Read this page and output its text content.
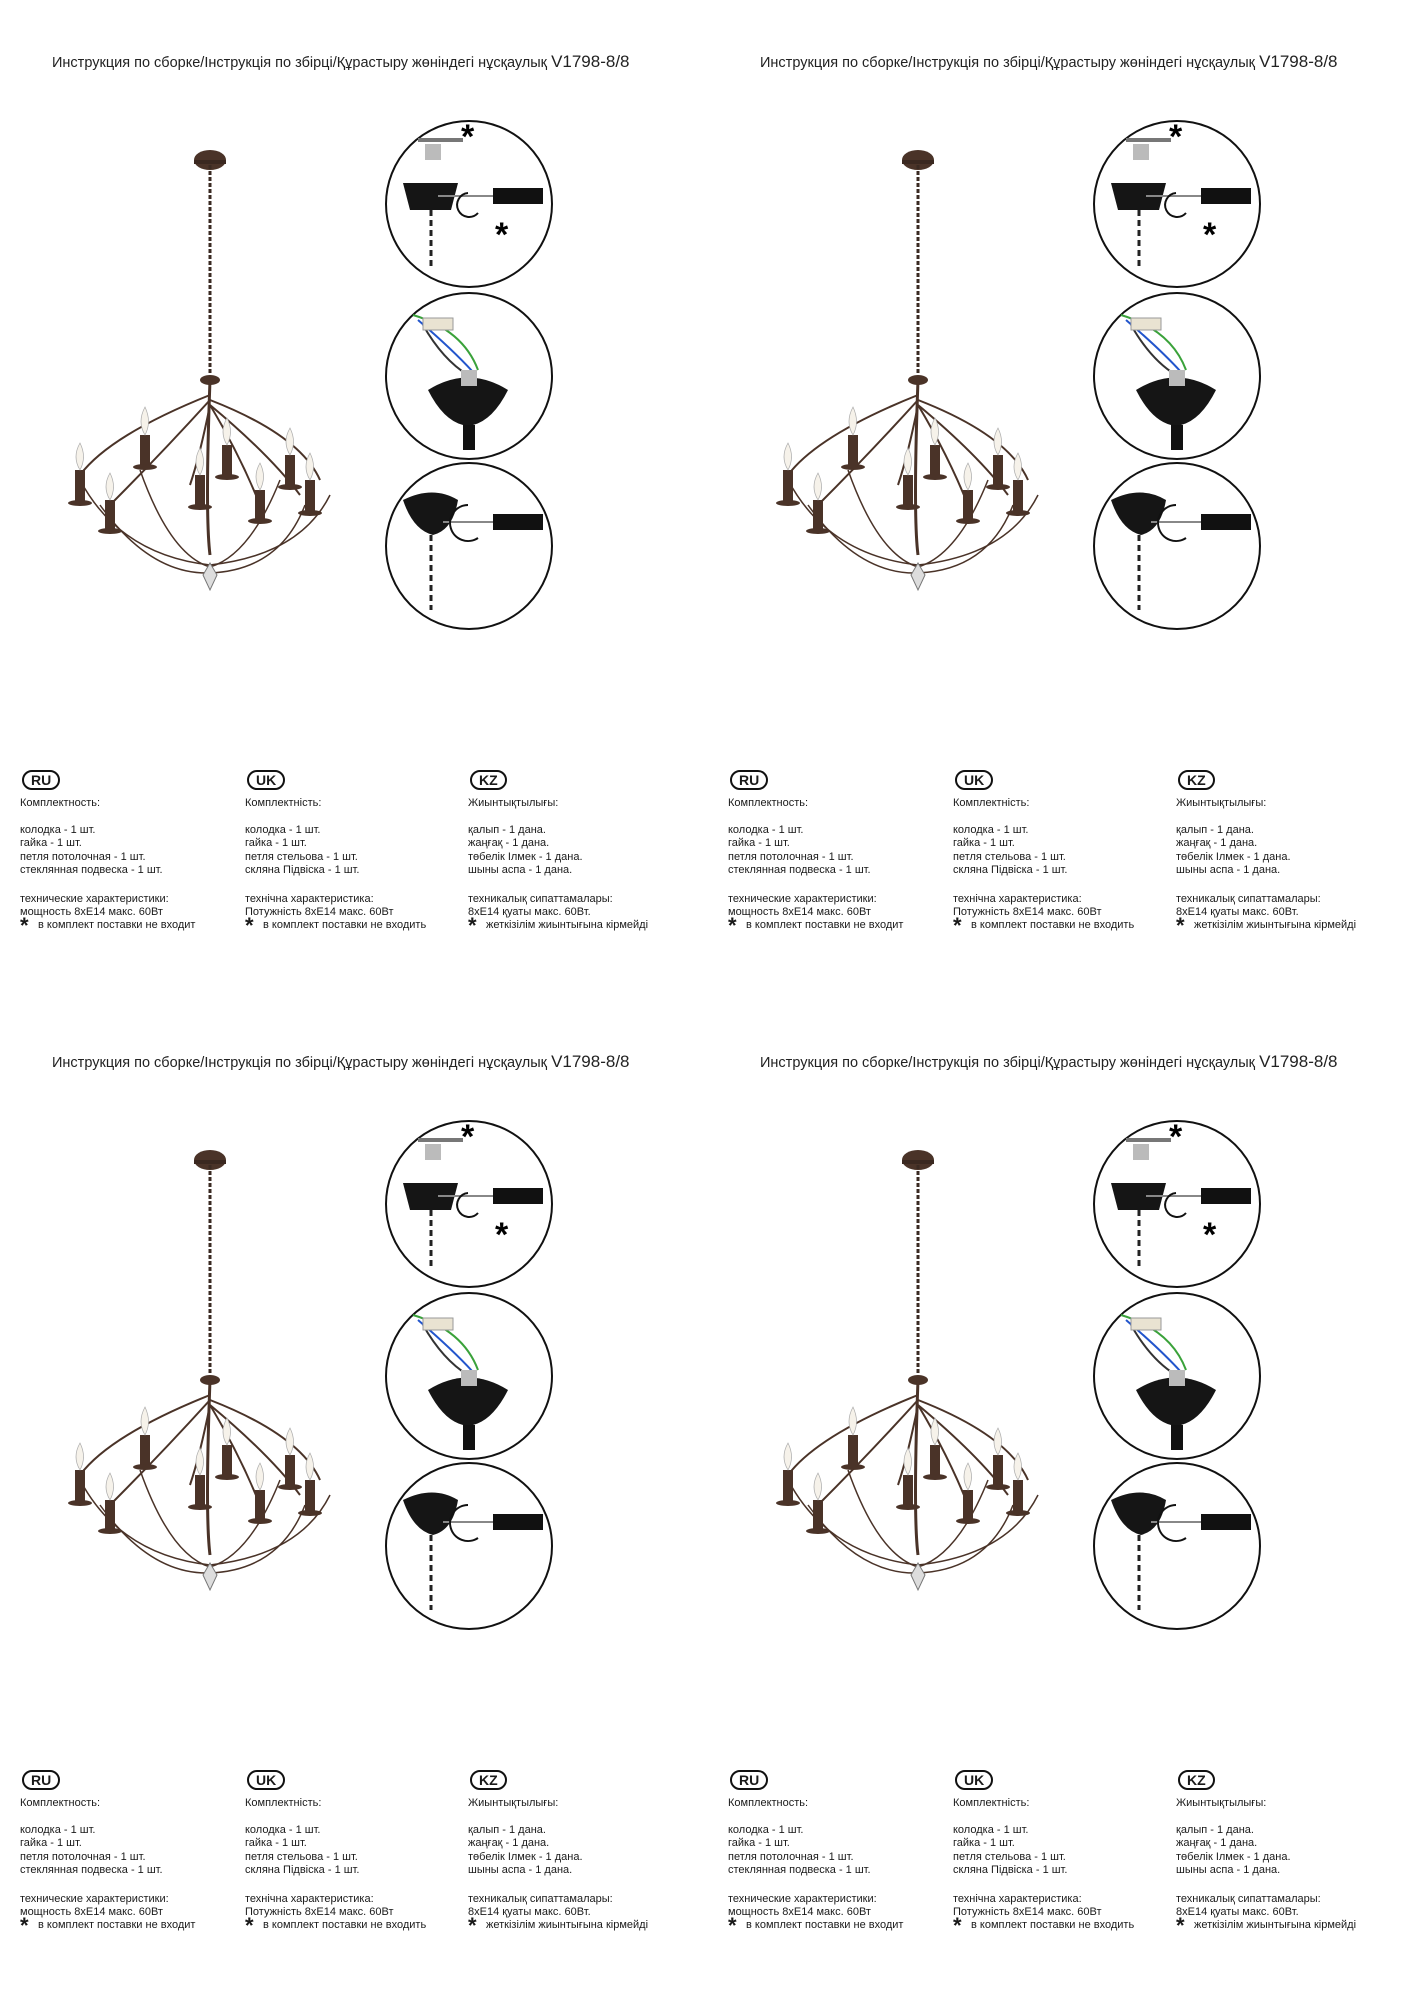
Инструкция по сборке/Інструкція по збірці/Құрастыру жөніндегі нұсқаулық V1798-8/8
*
*
RU
Комплектность:
колодка - 1 шт.
гайка - 1 шт.
петля потолочная - 1 шт.
стеклянная подвеска - 1 шт.
технические характеристики:
мощность 8xE14 макс. 60Вт
* в комплект поставки не входит
UK
Комплектність:
колодка - 1 шт.
гайка - 1 шт.
петля стельова - 1 шт.
скляна Підвіска - 1 шт.
технічна характеристика:
Потужність 8xE14 макс. 60Вт
* в комплект поставки не входить
KZ
Жиынтықтылығы:
қалып - 1 дана.
жаңғақ - 1 дана.
төбелік Ілмек - 1 дана.
шыны аспа - 1 дана.
техникалық сипаттамалары:
8xE14 қуаты макс. 60Вт.
* жеткізілім жиынтығына кірмейді
Инструкция по сборке/Інструкція по збірці/Құрастыру жөніндегі нұсқаулық V1798-8/8
*
*
RU
Комплектность:
колодка - 1 шт.
гайка - 1 шт.
петля потолочная - 1 шт.
стеклянная подвеска - 1 шт.
технические характеристики:
мощность 8xE14 макс. 60Вт
* в комплект поставки не входит
UK
Комплектність:
колодка - 1 шт.
гайка - 1 шт.
петля стельова - 1 шт.
скляна Підвіска - 1 шт.
технічна характеристика:
Потужність 8xE14 макс. 60Вт
* в комплект поставки не входить
KZ
Жиынтықтылығы:
қалып - 1 дана.
жаңғақ - 1 дана.
төбелік Ілмек - 1 дана.
шыны аспа - 1 дана.
техникалық сипаттамалары:
8xE14 қуаты макс. 60Вт.
* жеткізілім жиынтығына кірмейді
Инструкция по сборке/Інструкція по збірці/Құрастыру жөніндегі нұсқаулық V1798-8/8
*
*
RU
Комплектность:
колодка - 1 шт.
гайка - 1 шт.
петля потолочная - 1 шт.
стеклянная подвеска - 1 шт.
технические характеристики:
мощность 8xE14 макс. 60Вт
* в комплект поставки не входит
UK
Комплектність:
колодка - 1 шт.
гайка - 1 шт.
петля стельова - 1 шт.
скляна Підвіска - 1 шт.
технічна характеристика:
Потужність 8xE14 макс. 60Вт
* в комплект поставки не входить
KZ
Жиынтықтылығы:
қалып - 1 дана.
жаңғақ - 1 дана.
төбелік Ілмек - 1 дана.
шыны аспа - 1 дана.
техникалық сипаттамалары:
8xE14 қуаты макс. 60Вт.
* жеткізілім жиынтығына кірмейді
Инструкция по сборке/Інструкція по збірці/Құрастыру жөніндегі нұсқаулық V1798-8/8
*
*
RU
Комплектность:
колодка - 1 шт.
гайка - 1 шт.
петля потолочная - 1 шт.
стеклянная подвеска - 1 шт.
технические характеристики:
мощность 8xE14 макс. 60Вт
* в комплект поставки не входит
UK
Комплектність:
колодка - 1 шт.
гайка - 1 шт.
петля стельова - 1 шт.
скляна Підвіска - 1 шт.
технічна характеристика:
Потужність 8xE14 макс. 60Вт
* в комплект поставки не входить
KZ
Жиынтықтылығы:
қалып - 1 дана.
жаңғақ - 1 дана.
төбелік Ілмек - 1 дана.
шыны аспа - 1 дана.
техникалық сипаттамалары:
8xE14 қуаты макс. 60Вт.
* жеткізілім жиынтығына кірмейді
